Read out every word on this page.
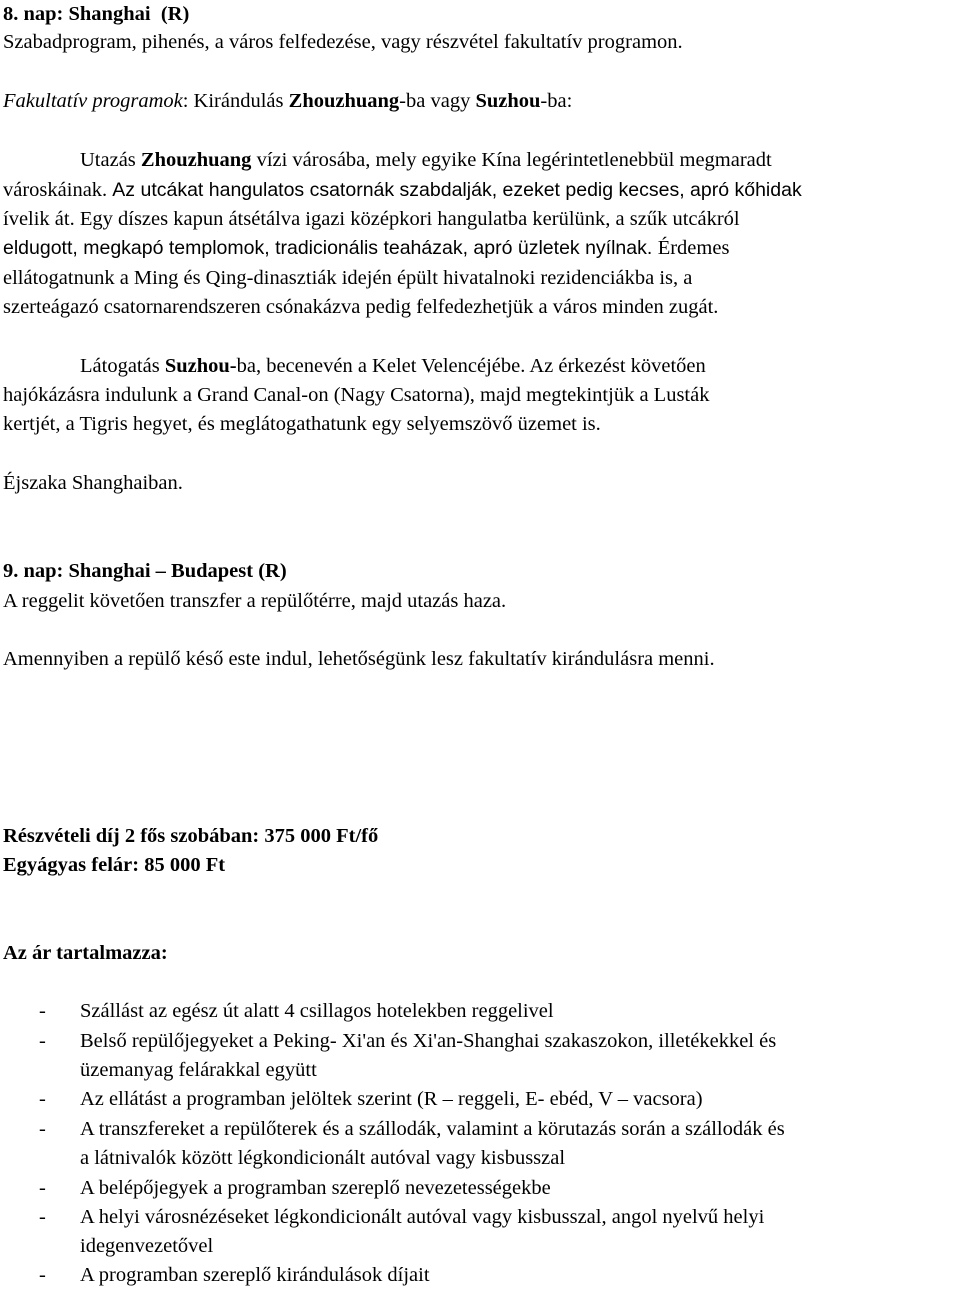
8. nap: Shanghai (R)
Szabadprogram, pihenés, a város felfedezése, vagy részvétel fakultatív programon.
Fakultatív programok: Kirándulás Zhouzhuang-ba vagy Suzhou-ba:
Utazás Zhouzhuang vízi városába, mely egyike Kína legérintetlenebbül megmaradt
városkáinak. Az utcákat hangulatos csatornák szabdalják, ezeket pedig kecses, apró kőhidak
ívelik át. Egy díszes kapun átsétálva igazi középkori hangulatba kerülünk, a szűk utcákról
eldugott, megkapó templomok, tradicionális teaházak, apró üzletek nyílnak. Érdemes
ellátogatnunk a Ming és Qing-dinasztiák idején épült hivatalnoki rezidenciákba is, a
szerteágazó csatornarendszeren csónakázva pedig felfedezhetjük a város minden zugát.
Látogatás Suzhou-ba, becenevén a Kelet Velencéjébe. Az érkezést követően
hajókázásra indulunk a Grand Canal-on (Nagy Csatorna), majd megtekintjük a Lusták
kertjét, a Tigris hegyet, és meglátogathatunk egy selyemszövő üzemet is.
Éjszaka Shanghaiban.
9. nap: Shanghai – Budapest (R)
A reggelit követően transzfer a repülőtérre, majd utazás haza.
Amennyiben a repülő késő este indul, lehetőségünk lesz fakultatív kirándulásra menni.
Részvételi díj 2 fős szobában: 375 000 Ft/fő
Egyágyas felár: 85 000 Ft
Az ár tartalmazza:
- Szállást az egész út alatt 4 csillagos hotelekben reggelivel
- Belső repülőjegyeket a Peking- Xi'an és Xi'an-Shanghai szakaszokon, illetékekkel és
üzemanyag felárakkal együtt
- Az ellátást a programban jelöltek szerint (R – reggeli, E- ebéd, V – vacsora)
- A transzfereket a repülőterek és a szállodák, valamint a körutazás során a szállodák és
a látnivalók között légkondicionált autóval vagy kisbusszal
- A belépőjegyek a programban szereplő nevezetességekbe
- A helyi városnézéseket légkondicionált autóval vagy kisbusszal, angol nyelvű helyi
idegenvezetővel
- A programban szereplő kirándulások díjait
